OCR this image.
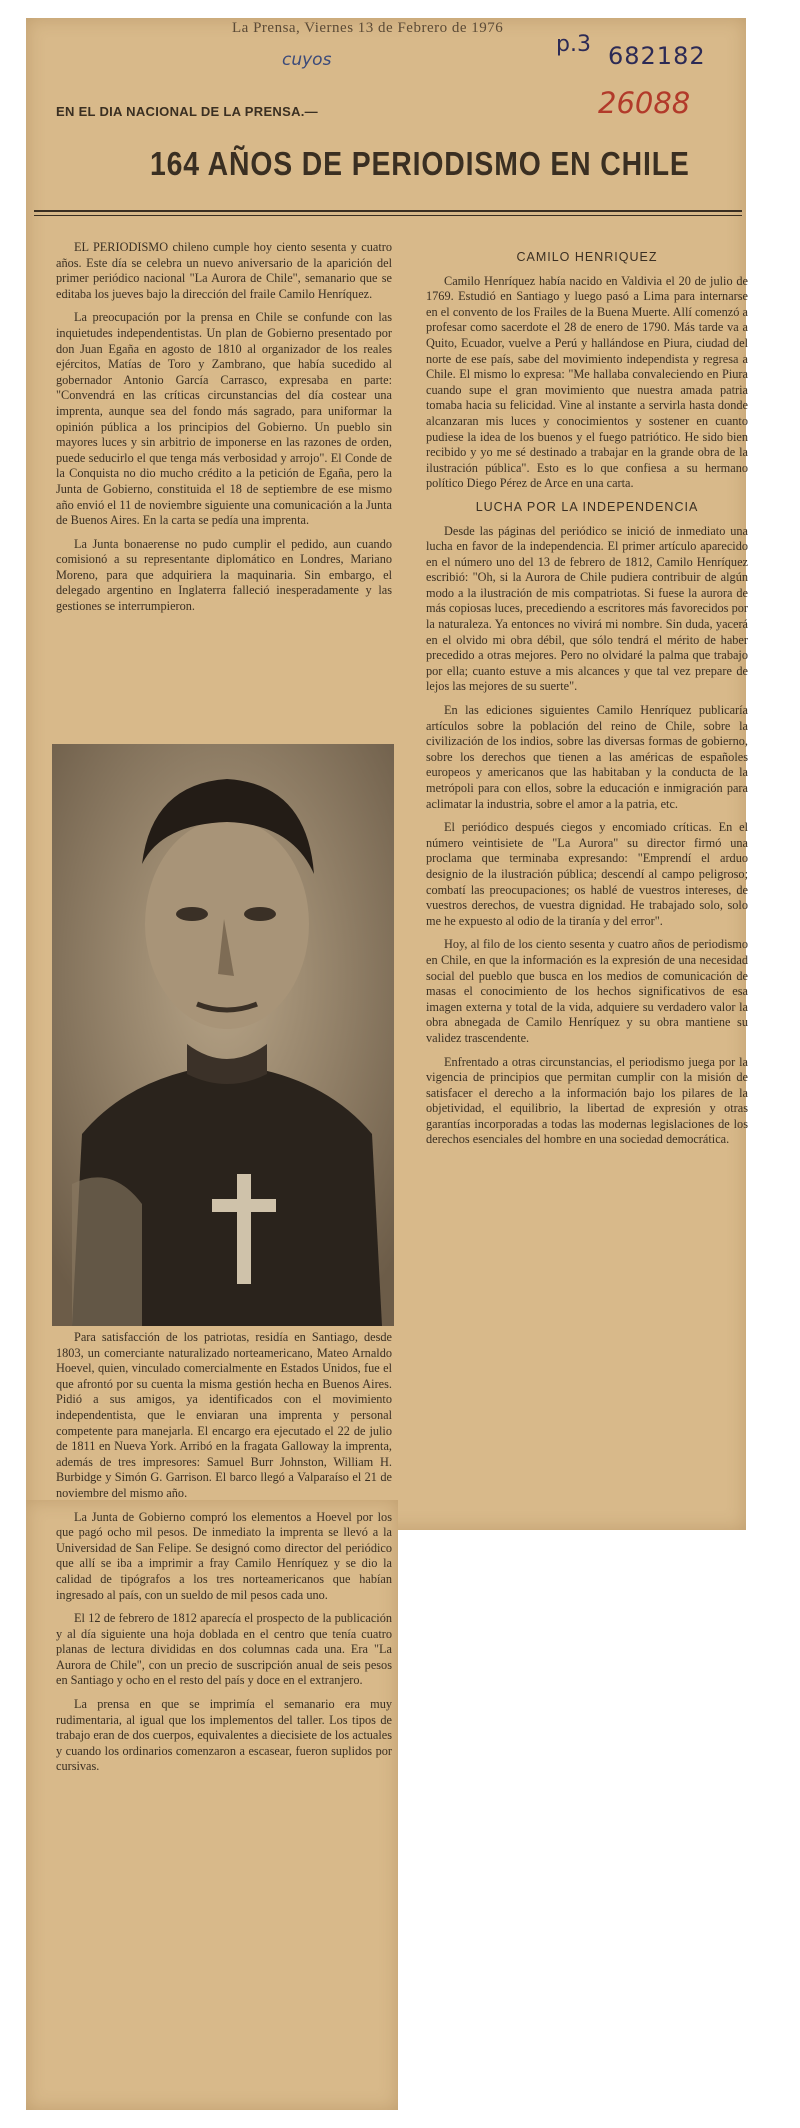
La Prensa, Viernes 13 de Febrero de 1976
cuyos
p.3 682182
26088
EN EL DIA NACIONAL DE LA PRENSA.—
164 AÑOS DE PERIODISMO EN CHILE

EL PERIODISMO chileno cumple hoy ciento sesenta y cuatro años. Este día se celebra un nuevo aniversario de la aparición del primer periódico nacional "La Aurora de Chile", semanario que se editaba los jueves bajo la dirección del fraile Camilo Henríquez.

La preocupación por la prensa en Chile se confunde con las inquietudes independentistas. Un plan de Gobierno presentado por don Juan Egaña en agosto de 1810 al organizador de los reales ejércitos, Matías de Toro y Zambrano, que había sucedido al gobernador Antonio García Carrasco, expresaba en parte: "Convendrá en las críticas circunstancias del día costear una imprenta, aunque sea del fondo más sagrado, para uniformar la opinión pública a los principios del Gobierno. Un pueblo sin mayores luces y sin arbitrio de imponerse en las razones de orden, puede seducirlo el que tenga más verbosidad y arrojo". El Conde de la Conquista no dio mucho crédito a la petición de Egaña, pero la Junta de Gobierno, constituida el 18 de septiembre de ese mismo año envió el 11 de noviembre siguiente una comunicación a la Junta de Buenos Aires. En la carta se pedía una imprenta.

La Junta bonaerense no pudo cumplir el pedido, aun cuando comisionó a su representante diplomático en Londres, Mariano Moreno, para que adquiriera la maquinaria. Sin embargo, el delegado argentino en Inglaterra falleció inesperadamente y las gestiones se interrumpieron.

Para satisfacción de los patriotas, residía en Santiago, desde 1803, un comerciante naturalizado norteamericano, Mateo Arnaldo Hoevel, quien, vinculado comercialmente en Estados Unidos, fue el que afrontó por su cuenta la misma gestión hecha en Buenos Aires. Pidió a sus amigos, ya identificados con el movimiento independentista, que le enviaran una imprenta y personal competente para manejarla. El encargo era ejecutado el 22 de julio de 1811 en Nueva York. Arribó en la fragata Galloway la imprenta, además de tres impresores: Samuel Burr Johnston, William H. Burbidge y Simón G. Garrison. El barco llegó a Valparaíso el 21 de noviembre del mismo año.

La Junta de Gobierno compró los elementos a Hoevel por los que pagó ocho mil pesos. De inmediato la imprenta se llevó a la Universidad de San Felipe. Se designó como director del periódico que allí se iba a imprimir a fray Camilo Henríquez y se dio la calidad de tipógrafos a los tres norteamericanos que habían ingresado al país, con un sueldo de mil pesos cada uno.

El 12 de febrero de 1812 aparecía el prospecto de la publicación y al día siguiente una hoja doblada en el centro que tenía cuatro planas de lectura divididas en dos columnas cada una. Era "La Aurora de Chile", con un precio de suscripción anual de seis pesos en Santiago y ocho en el resto del país y doce en el extranjero.

La prensa en que se imprimía el semanario era muy rudimentaria, al igual que los implementos del taller. Los tipos de trabajo eran de dos cuerpos, equivalentes a diecisiete de los actuales y cuando los ordinarios comenzaron a escasear, fueron suplidos por cursivas.

CAMILO HENRIQUEZ

Camilo Henríquez había nacido en Valdivia el 20 de julio de 1769. Estudió en Santiago y luego pasó a Lima para internarse en el convento de los Frailes de la Buena Muerte. Allí comenzó a profesar como sacerdote el 28 de enero de 1790. Más tarde va a Quito, Ecuador, vuelve a Perú y hallándose en Piura, ciudad del norte de ese país, sabe del movimiento independista y regresa a Chile. El mismo lo expresa: "Me hallaba convaleciendo en Piura cuando supe el gran movimiento que nuestra amada patria tomaba hacia su felicidad. Vine al instante a servirla hasta donde alcanzaran mis luces y conocimientos y sostener en cuanto pudiese la idea de los buenos y el fuego patriótico. He sido bien recibido y yo me sé destinado a trabajar en la grande obra de la ilustración pública". Esto es lo que confiesa a su hermano político Diego Pérez de Arce en una carta.

LUCHA POR LA INDEPENDENCIA

Desde las páginas del periódico se inició de inmediato una lucha en favor de la independencia. El primer artículo aparecido en el número uno del 13 de febrero de 1812, Camilo Henríquez escribió: "Oh, si la Aurora de Chile pudiera contribuir de algún modo a la ilustración de mis compatriotas. Si fuese la aurora de más copiosas luces, precediendo a escritores más favorecidos por la naturaleza. Ya entonces no vivirá mi nombre. Sin duda, yacerá en el olvido mi obra débil, que sólo tendrá el mérito de haber precedido a otras mejores. Pero no olvidaré la palma que trabajo por ella; cuanto estuve a mis alcances y que tal vez prepare de lejos las mejores de su suerte".

En las ediciones siguientes Camilo Henríquez publicaría artículos sobre la población del reino de Chile, sobre la civilización de los indios, sobre las diversas formas de gobierno, sobre los derechos que tienen a las américas de españoles europeos y americanos que las habitaban y la conducta de la metrópoli para con ellos, sobre la educación e inmigración para aclimatar la industria, sobre el amor a la patria, etc.

El periódico después ciegos y encomiado críticas. En el número veintisiete de "La Aurora" su director firmó una proclama que terminaba expresando: "Emprendí el arduo designio de la ilustración pública; descendí al campo peligroso; combatí las preocupaciones; os hablé de vuestros intereses, de vuestros derechos, de vuestra dignidad. He trabajado solo, solo me he expuesto al odio de la tiranía y del error".

Hoy, al filo de los ciento sesenta y cuatro años de periodismo en Chile, en que la información es la expresión de una necesidad social del pueblo que busca en los medios de comunicación de masas el conocimiento de los hechos significativos de esa imagen externa y total de la vida, adquiere su verdadero valor la obra abnegada de Camilo Henríquez y su obra mantiene su validez trascendente.

Enfrentado a otras circunstancias, el periodismo juega por la vigencia de principios que permitan cumplir con la misión de satisfacer el derecho a la información bajo los pilares de la objetividad, el equilibrio, la libertad de expresión y otras garantías incorporadas a todas las modernas legislaciones de los derechos esenciales del hombre en una sociedad democrática.
